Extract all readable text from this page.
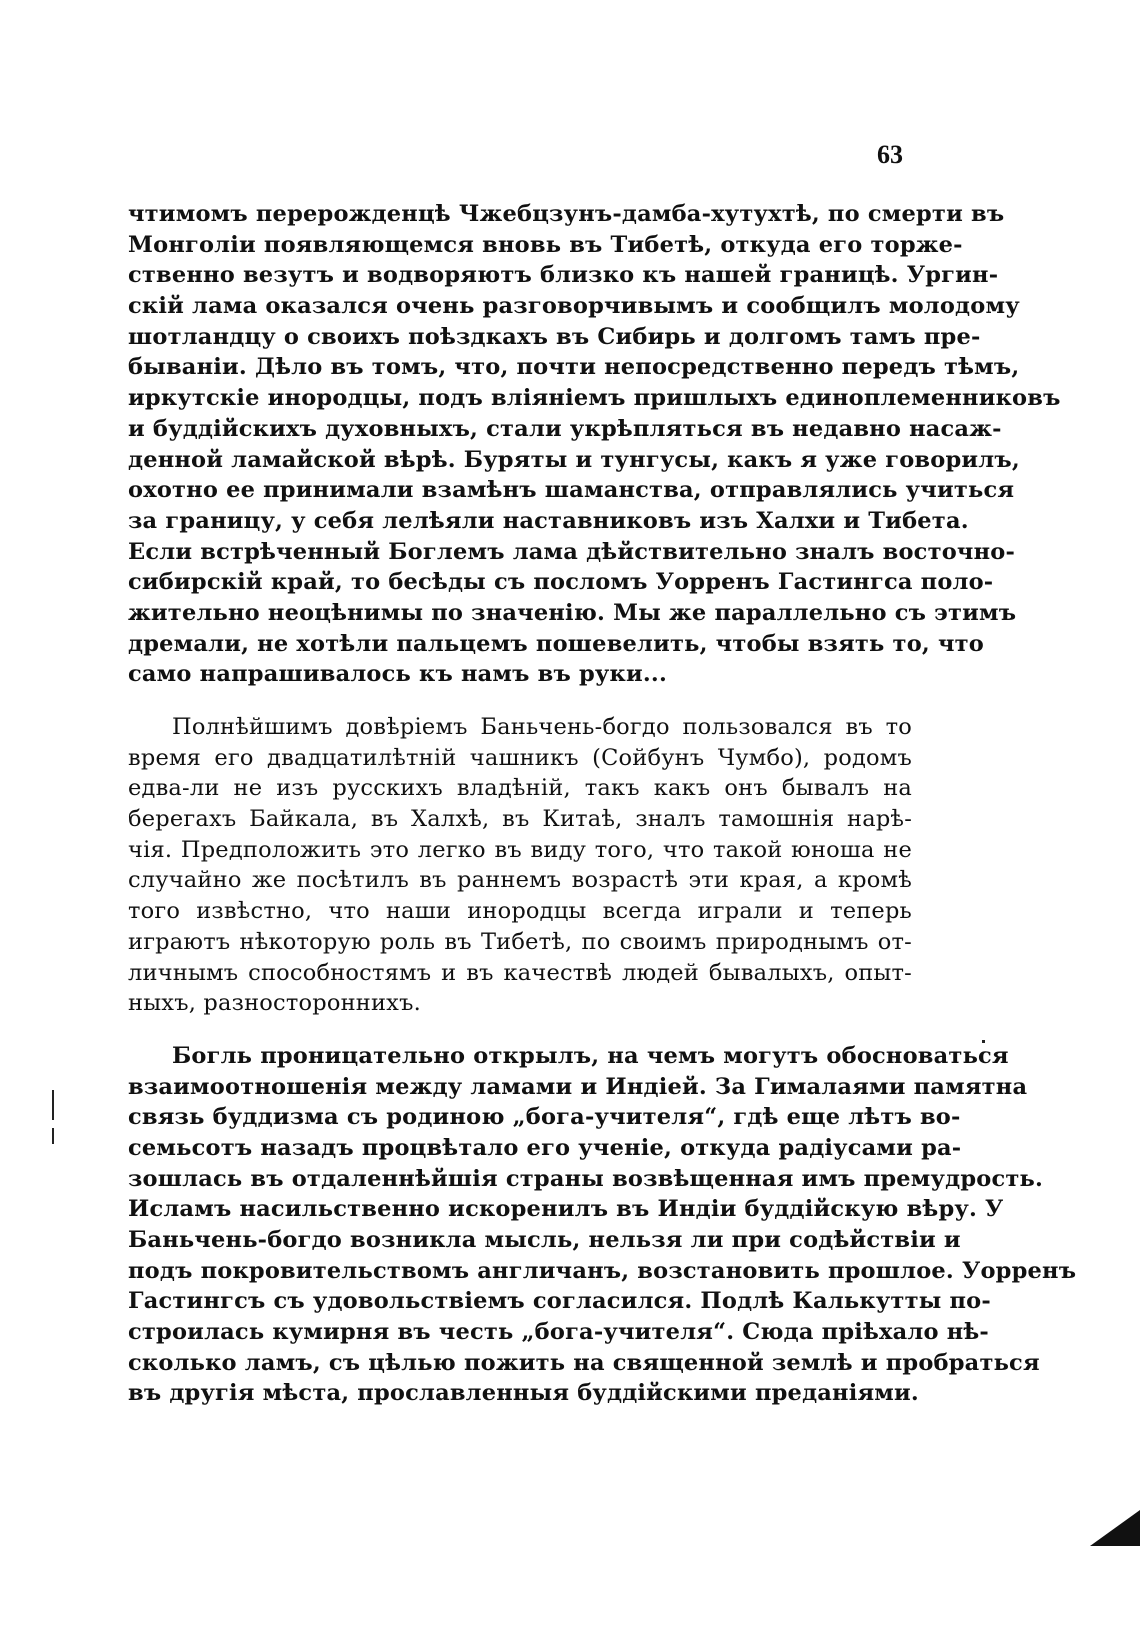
63
чтимомъ перерожденцѣ Чжебцзунъ-дамба-хутухтѣ, по смерти въ
Монголіи появляющемся вновь въ Тибетѣ, откуда его торже-
ственно везутъ и водворяютъ близко къ нашей границѣ. Ургин-
скій лама оказался очень разговорчивымъ и сообщилъ молодому
шотландцу о своихъ поѣздкахъ въ Сибирь и долгомъ тамъ пре-
быванiи. Дѣло въ томъ, что, почти непосредственно передъ тѣмъ,
иркутскіе инородцы, подъ вліяніемъ пришлыхъ единоплеменниковъ
и буддійскихъ духовныхъ, стали укрѣпляться въ недавно насаж-
денной ламайской вѣрѣ. Буряты и тунгусы, какъ я уже говорилъ,
охотно ее принимали взамѣнъ шаманства, отправлялись учиться
за границу, у себя лелѣяли наставниковъ изъ Халхи и Тибета.
Если встрѣченный Боглемъ лама дѣйствительно зналъ восточно-
сибирскій край, то бесѣды съ посломъ Уорренъ Гастингса поло-
жительно неоцѣнимы по значенію. Мы же параллельно съ этимъ
дремали, не хотѣли пальцемъ пошевелить, чтобы взять то, что
само напрашивалось къ намъ въ руки...
Полнѣйшимъ довѣріемъ Баньчень-богдо пользовался въ то
время его двадцатилѣтній чашникъ (Сойбунъ Чумбо), родомъ
едва-ли не изъ русскихъ владѣній, такъ какъ онъ бывалъ на
берегахъ Байкала, въ Халхѣ, въ Китаѣ, зналъ тамошнія нарѣ-
чія. Предположить это легко въ виду того, что такой юноша не
случайно же посѣтилъ въ раннемъ возрастѣ эти края, а кромѣ
того извѣстно, что наши инородцы всегда играли и теперь
играютъ нѣкоторую роль въ Тибетѣ, по своимъ природнымъ от-
личнымъ способностямъ и въ качествѣ людей бывалыхъ, опыт-
ныхъ, разностороннихъ.
Богль проницательно открылъ, на чемъ могутъ обосноваться
взаимоотношенія между ламами и Индіей. За Гималаями памятна
связь буддизма съ родиною „бога-учителя“, гдѣ еще лѣтъ во-
семьсотъ назадъ процвѣтало его ученіе, откуда радіусами ра-
зошлась въ отдаленнѣйшія страны возвѣщенная имъ премудрость.
Исламъ насильственно искоренилъ въ Индіи буддійскую вѣру. У
Баньчень-богдо возникла мысль, нельзя ли при содѣйствіи и
подъ покровительствомъ англичанъ, возстановить прошлое. Уорренъ
Гастингсъ съ удовольствіемъ согласился. Подлѣ Калькутты по-
строилась кумирня въ честь „бога-учителя“. Сюда пріѣхало нѣ-
сколько ламъ, съ цѣлью пожить на священной землѣ и пробраться
въ другія мѣста, прославленныя буддійскими преданіями.
